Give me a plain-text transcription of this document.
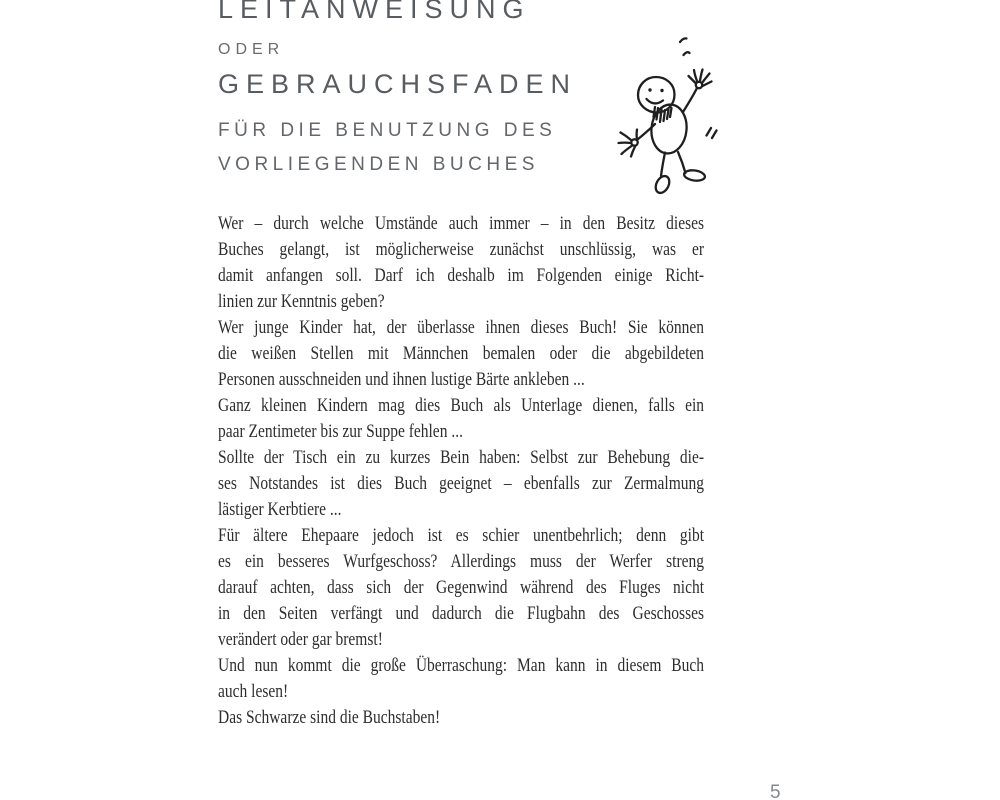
LEITANWEISUNG
ODER
GEBRAUCHSFADEN
FÜR DIE BENUTZUNG DES
VORLIEGENDEN BUCHES

Wer – durch welche Umstände auch immer – in den Besitz dieses
Buches gelangt, ist möglicherweise zunächst unschlüssig, was er
damit anfangen soll. Darf ich deshalb im Folgenden einige Richt-
linien zur Kenntnis geben?

Wer junge Kinder hat, der überlasse ihnen dieses Buch! Sie können
die weißen Stellen mit Männchen bemalen oder die abgebildeten
Personen ausschneiden und ihnen lustige Bärte ankleben ...

Ganz kleinen Kindern mag dies Buch als Unterlage dienen, falls ein
paar Zentimeter bis zur Suppe fehlen ...

Sollte der Tisch ein zu kurzes Bein haben: Selbst zur Behebung die-
ses Notstandes ist dies Buch geeignet – ebenfalls zur Zermalmung
lästiger Kerbtiere ...

Für ältere Ehepaare jedoch ist es schier unentbehrlich; denn gibt
es ein besseres Wurfgeschoss? Allerdings muss der Werfer streng
darauf achten, dass sich der Gegenwind während des Fluges nicht
in den Seiten verfängt und dadurch die Flugbahn des Geschosses
verändert oder gar bremst!

Und nun kommt die große Überraschung: Man kann in diesem Buch
auch lesen!

Das Schwarze sind die Buchstaben!

5
